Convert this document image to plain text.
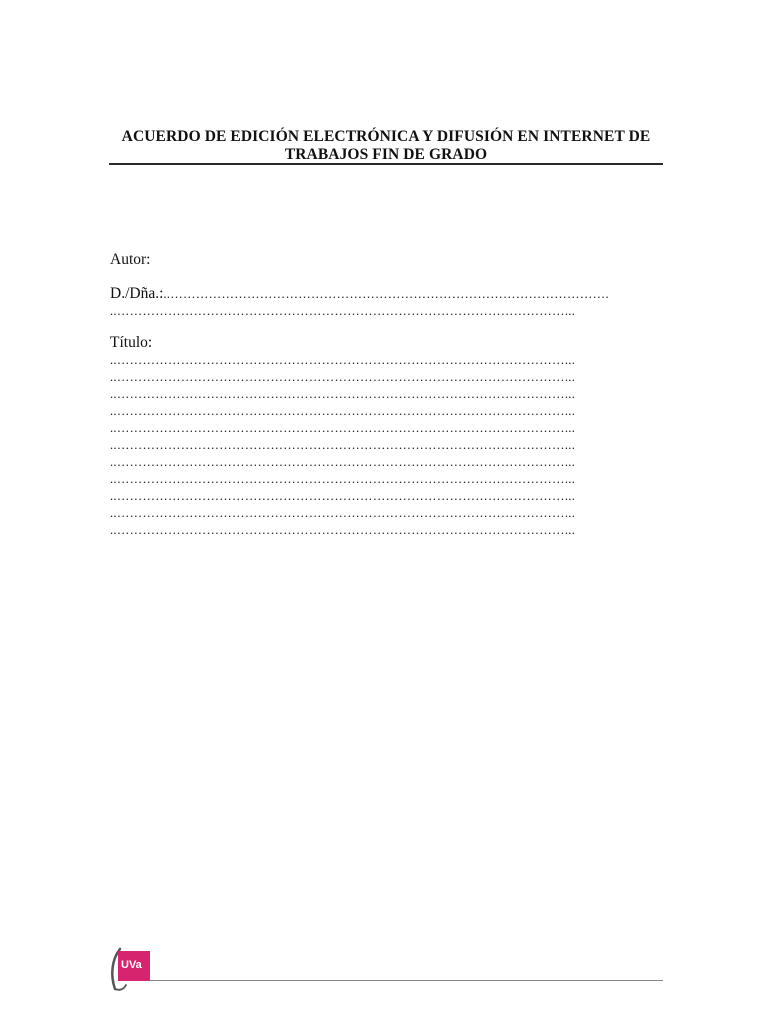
ACUERDO DE EDICIÓN ELECTRÓNICA Y DIFUSIÓN EN INTERNET DE
TRABAJOS FIN DE GRADO
Autor:
D./Dña.:..………………………………………………………………………………………….
..……………………………………………………………………………………………...
Título:
..……………………………………………………………………………………………...
..……………………………………………………………………………………………...
..……………………………………………………………………………………………...
..……………………………………………………………………………………………...
..……………………………………………………………………………………………...
..……………………………………………………………………………………………...
..……………………………………………………………………………………………...
..……………………………………………………………………………………………...
..……………………………………………………………………………………………...
..……………………………………………………………………………………………...
..……………………………………………………………………………………………...
UVa
